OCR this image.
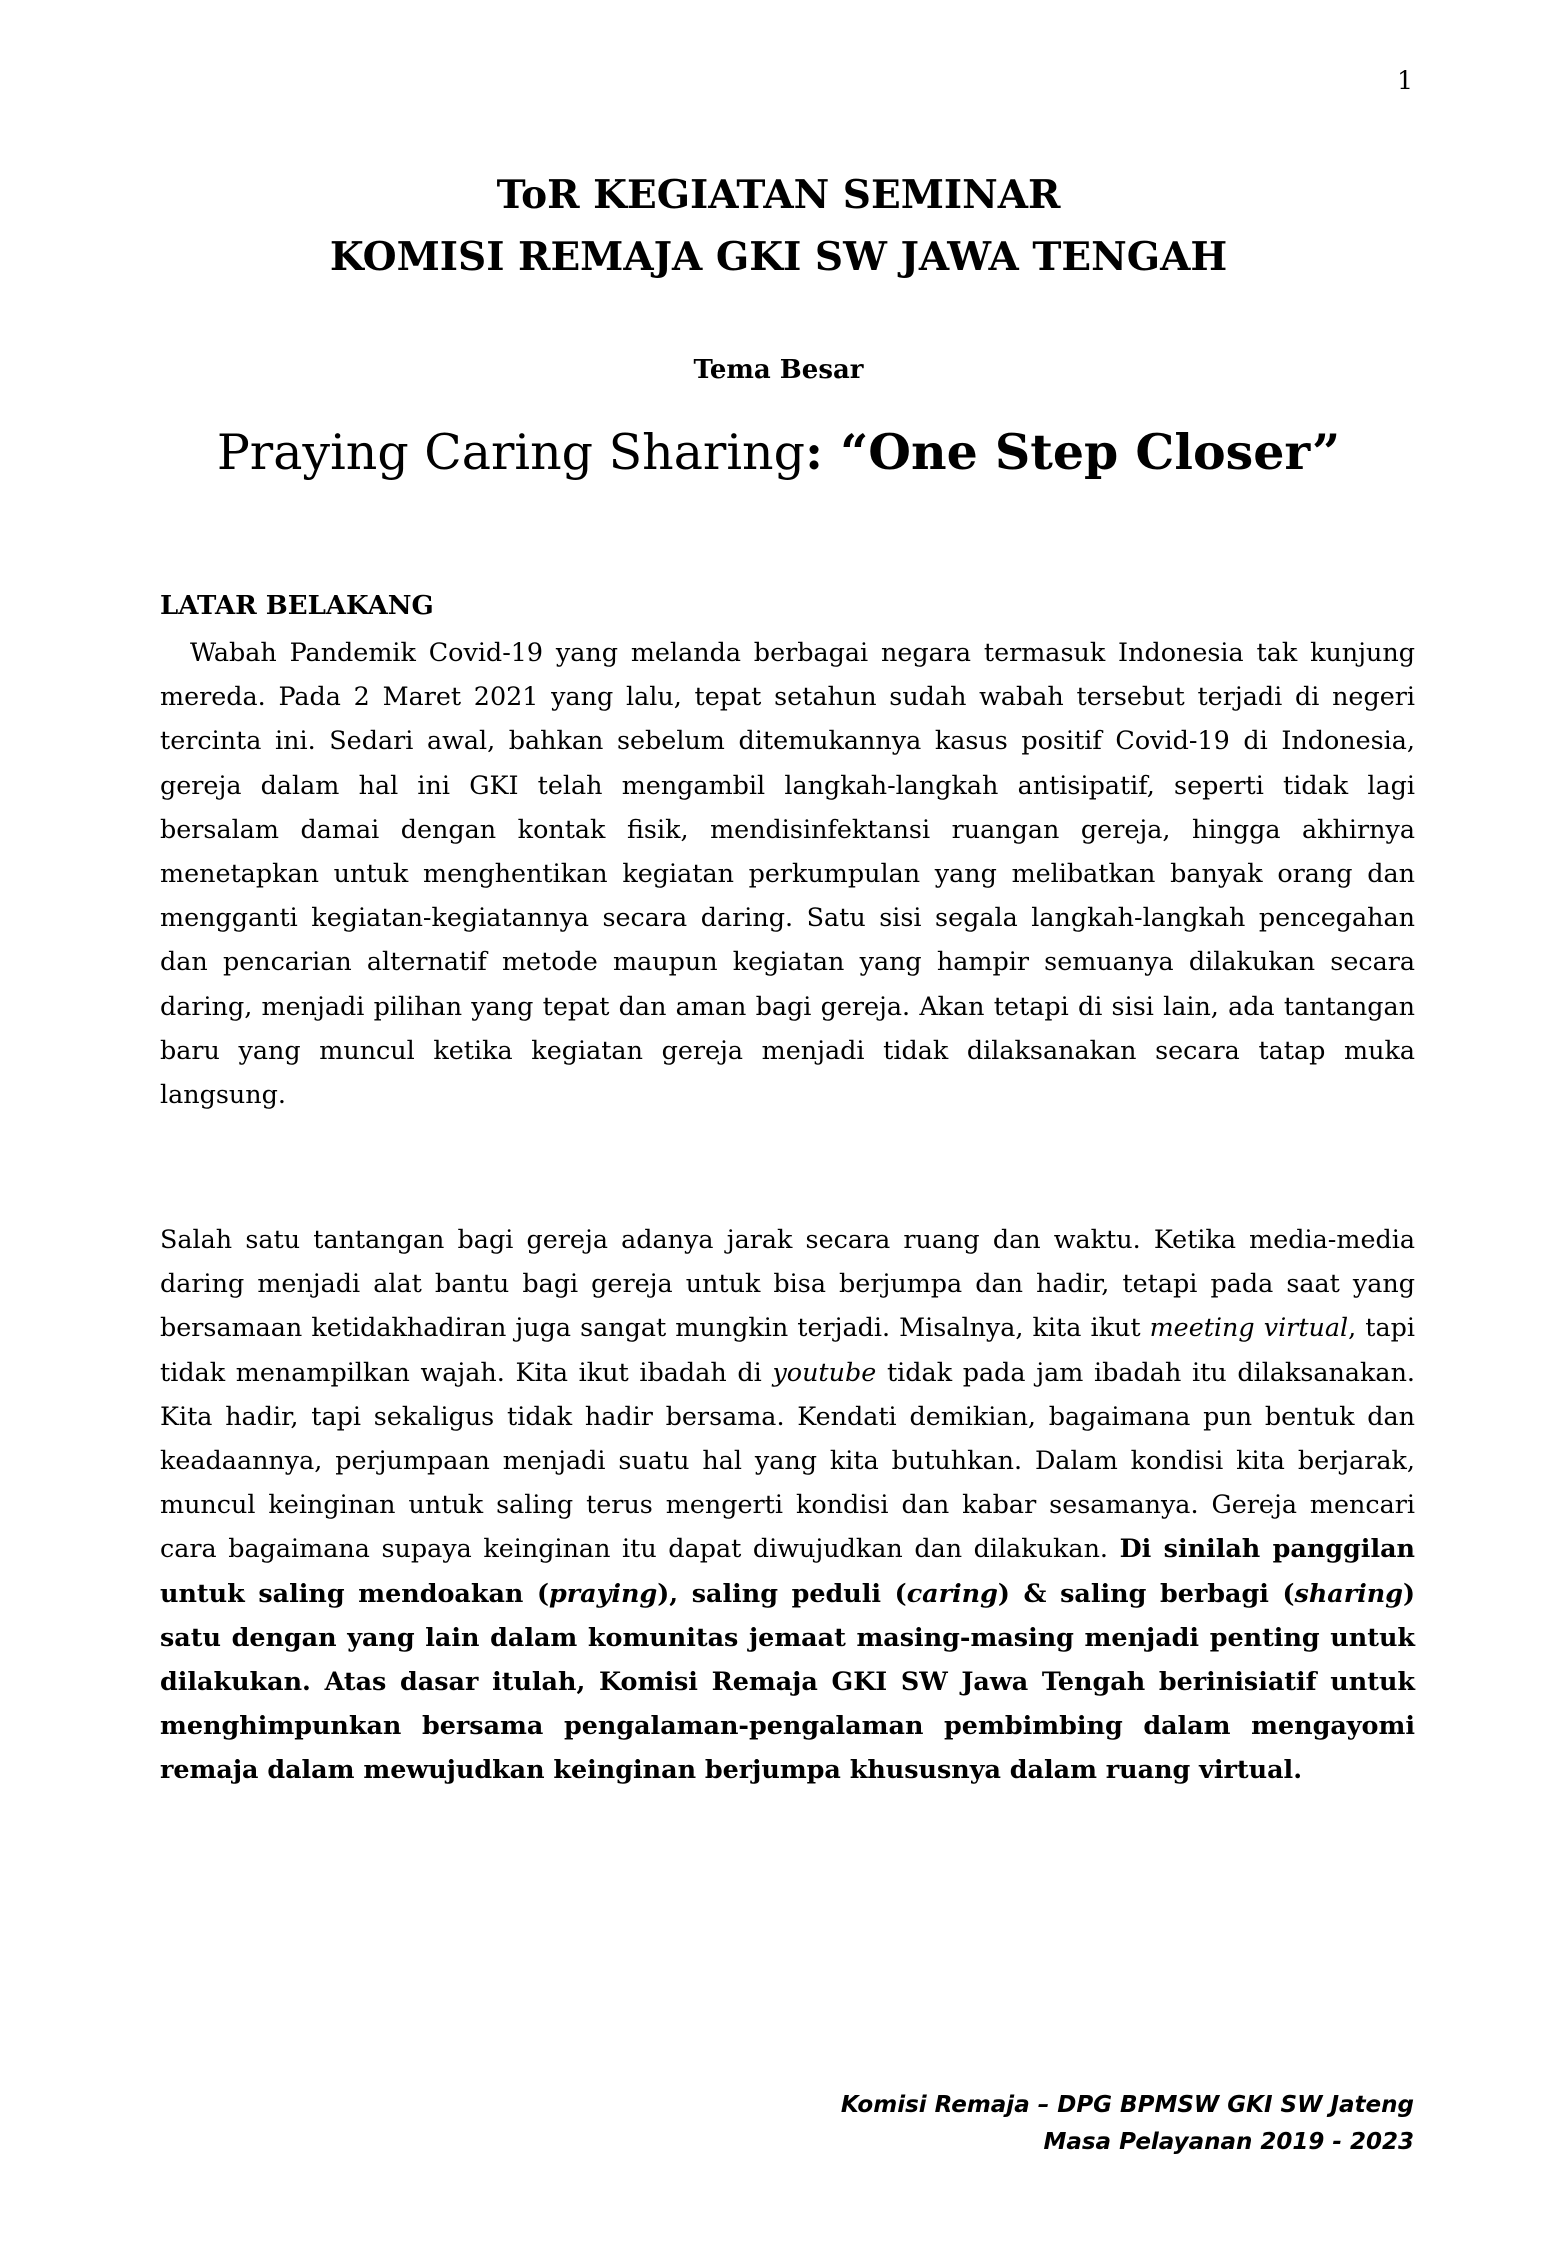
1
ToR KEGIATAN SEMINAR
KOMISI REMAJA GKI SW JAWA TENGAH
Tema Besar
Praying Caring Sharing: “One Step Closer”
LATAR BELAKANG
Wabah Pandemik Covid-19 yang melanda berbagai negara termasuk Indonesia tak kunjung mereda. Pada 2 Maret 2021 yang lalu, tepat setahun sudah wabah tersebut terjadi di negeri tercinta ini. Sedari awal, bahkan sebelum ditemukannya kasus positif Covid-19 di Indonesia, gereja dalam hal ini GKI telah mengambil langkah-langkah antisipatif, seperti tidak lagi bersalam damai dengan kontak fisik, mendisinfektansi ruangan gereja, hingga akhirnya menetapkan untuk menghentikan kegiatan perkumpulan yang melibatkan banyak orang dan mengganti kegiatan-kegiatannya secara daring. Satu sisi segala langkah-langkah pencegahan dan pencarian alternatif metode maupun kegiatan yang hampir semuanya dilakukan secara daring, menjadi pilihan yang tepat dan aman bagi gereja. Akan tetapi di sisi lain, ada tantangan baru yang muncul ketika kegiatan gereja menjadi tidak dilaksanakan secara tatap muka langsung.
Salah satu tantangan bagi gereja adanya jarak secara ruang dan waktu. Ketika media-media daring menjadi alat bantu bagi gereja untuk bisa berjumpa dan hadir, tetapi pada saat yang bersamaan ketidakhadiran juga sangat mungkin terjadi. Misalnya, kita ikut meeting virtual, tapi tidak menampilkan wajah. Kita ikut ibadah di youtube tidak pada jam ibadah itu dilaksanakan. Kita hadir, tapi sekaligus tidak hadir bersama. Kendati demikian, bagaimana pun bentuk dan keadaannya, perjumpaan menjadi suatu hal yang kita butuhkan. Dalam kondisi kita berjarak, muncul keinginan untuk saling terus mengerti kondisi dan kabar sesamanya. Gereja mencari cara bagaimana supaya keinginan itu dapat diwujudkan dan dilakukan. Di sinilah panggilan untuk saling mendoakan (praying), saling peduli (caring) & saling berbagi (sharing) satu dengan yang lain dalam komunitas jemaat masing-masing menjadi penting untuk dilakukan. Atas dasar itulah, Komisi Remaja GKI SW Jawa Tengah berinisiatif untuk menghimpunkan bersama pengalaman-pengalaman pembimbing dalam mengayomi remaja dalam mewujudkan keinginan berjumpa khususnya dalam ruang virtual.
Komisi Remaja – DPG BPMSW GKI SW Jateng
Masa Pelayanan 2019 - 2023
